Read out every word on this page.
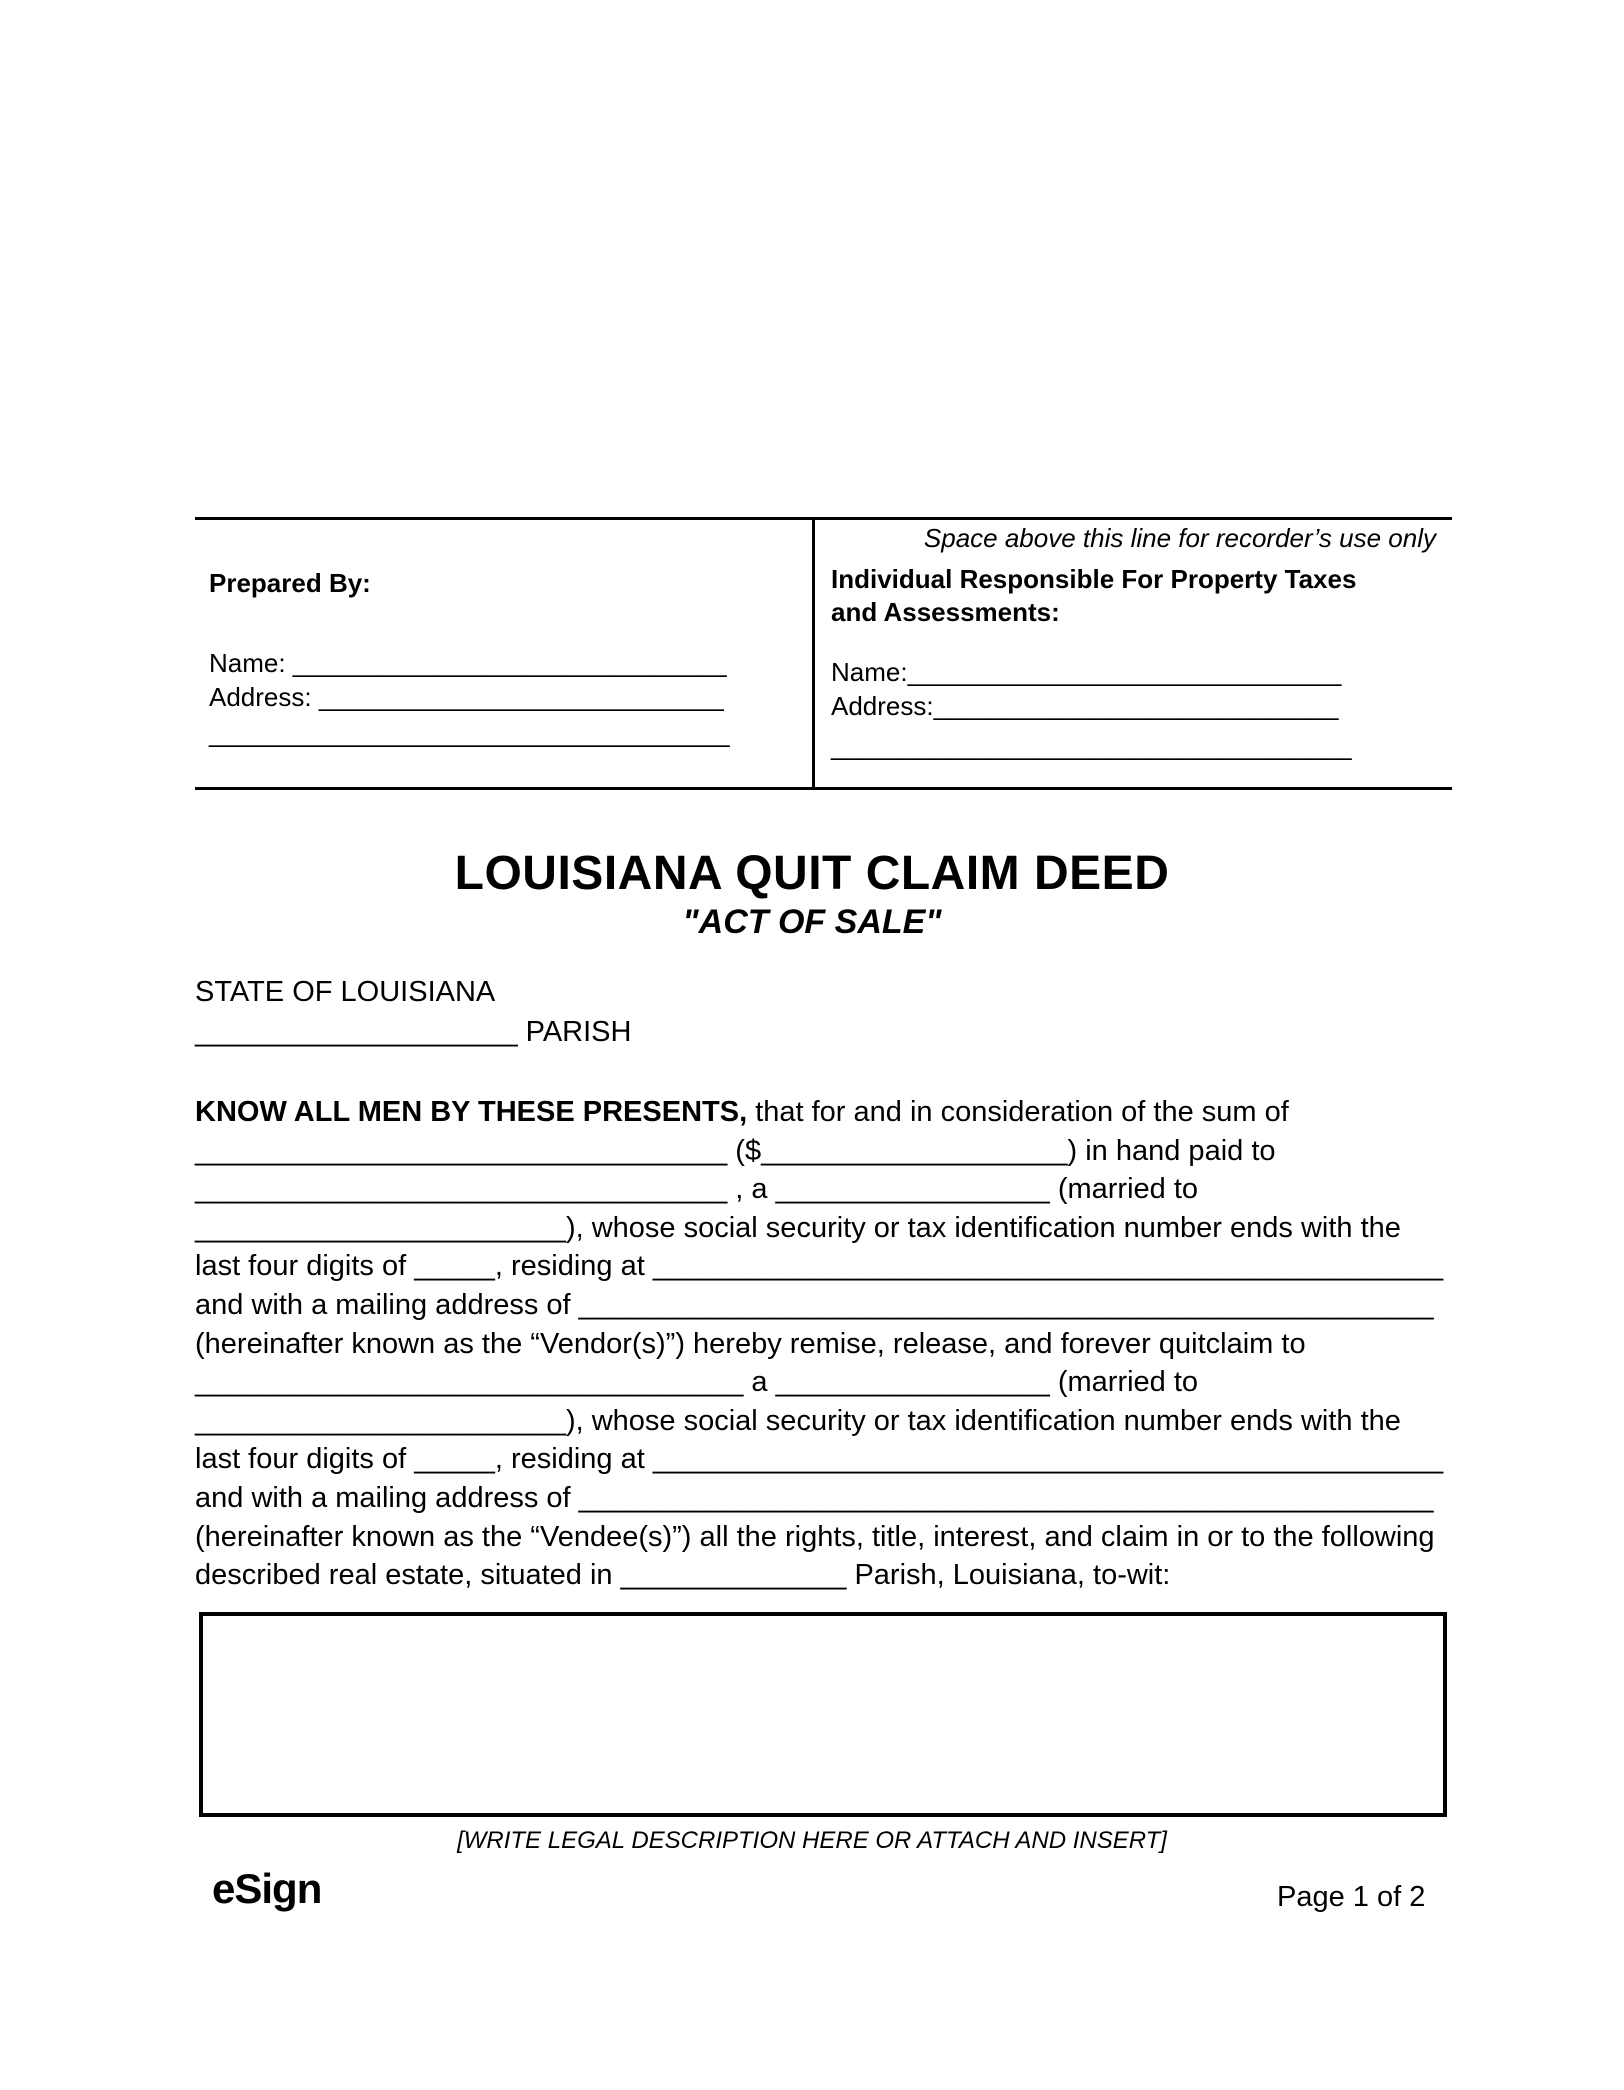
Prepared By:
Name: ______________________________
Address: ____________________________
____________________________________
Space above this line for recorder’s use only
Individual Responsible For Property Taxes
and Assessments:
Name:______________________________
Address:____________________________
____________________________________
LOUISIANA QUIT CLAIM DEED
"ACT OF SALE"
STATE OF LOUISIANA
____________________ PARISH
KNOW ALL MEN BY THESE PRESENTS, that for and in consideration of the sum of
_________________________________ ($___________________) in hand paid to
_________________________________ , a _________________ (married to
_______________________), whose social security or tax identification number ends with the
last four digits of _____, residing at _________________________________________________
and with a mailing address of _____________________________________________________
(hereinafter known as the “Vendor(s)”) hereby remise, release, and forever quitclaim to
__________________________________ a _________________ (married to
_______________________), whose social security or tax identification number ends with the
last four digits of _____, residing at _________________________________________________
and with a mailing address of _____________________________________________________
(hereinafter known as the “Vendee(s)”) all the rights, title, interest, and claim in or to the following
described real estate, situated in ______________ Parish, Louisiana, to-wit:
[WRITE LEGAL DESCRIPTION HERE OR ATTACH AND INSERT]
eSign	Page 1 of 2
